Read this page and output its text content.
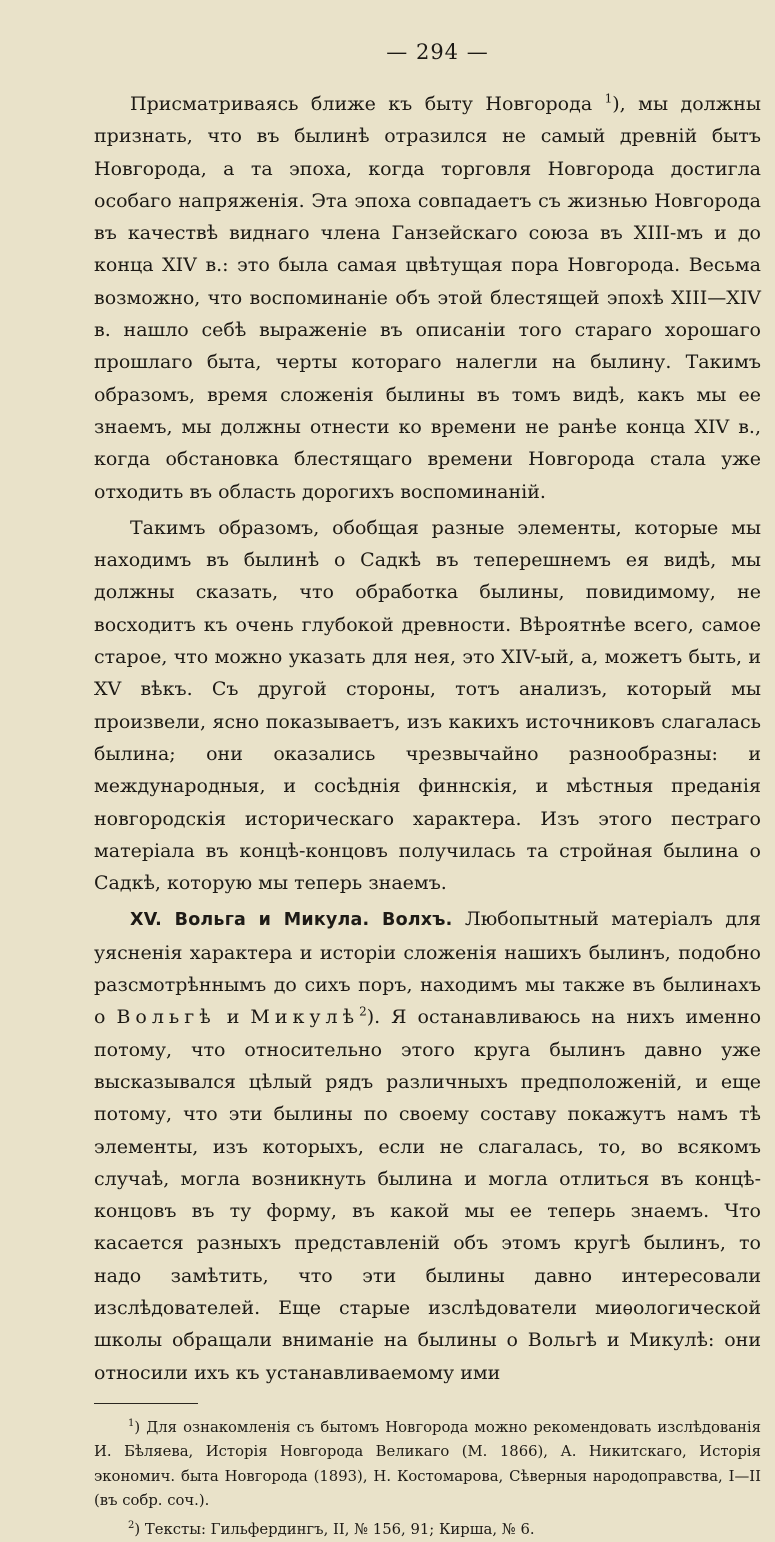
— 294 —

Присматриваясь ближе къ быту Новгорода $^1$), мы должны признать, что въ былинѣ отразился не самый древній бытъ Новгорода, а та эпоха, когда торговля Новгорода достигла особаго напряженія. Эта эпоха совпадаетъ съ жизнью Новгорода въ качествѣ виднаго члена Ганзейскаго союза въ XIII-мъ и до конца XIV в.: это была самая цвѣтущая пора Новгорода. Весьма возможно, что воспоминаніе объ этой блестящей эпохѣ XIII—XIV в. нашло себѣ выраженіе въ описаніи того стараго хорошаго прошлаго быта, черты котораго налегли на былину. Такимъ образомъ, время сложенія былины въ томъ видѣ, какъ мы ее знаемъ, мы должны отнести ко времени не ранѣе конца XIV в., когда обстановка блестящаго времени Новгорода стала уже отходить въ область дорогихъ воспоминаній.

Такимъ образомъ, обобщая разные элементы, которые мы находимъ въ былинѣ о Садкѣ въ теперешнемъ ея видѣ, мы должны сказать, что обработка былины, повидимому, не восходитъ къ очень глубокой древности. Вѣроятнѣе всего, самое старое, что можно указать для нея, это XIV-ый, а, можетъ быть, и XV вѣкъ. Съ другой стороны, тотъ анализъ, который мы произвели, ясно показываетъ, изъ какихъ источниковъ слагалась былина; они оказались чрезвычайно разнообразны: и международныя, и сосѣднія финнскія, и мѣстныя преданія новгородскія историческаго характера. Изъ этого пестраго матеріала въ концѣ-концовъ получилась та стройная былина о Садкѣ, которую мы теперь знаемъ.

XV. Вольга и Микула. Волхъ. Любопытный матеріалъ для уясненія характера и исторіи сложенія нашихъ былинъ, подобно разсмотрѣннымъ до сихъ поръ, находимъ мы также въ былинахъ о Вольгѣ и Микулѣ$^2$). Я останавливаюсь на нихъ именно потому, что относительно этого круга былинъ давно уже высказывался цѣлый рядъ различныхъ предположеній, и еще потому, что эти былины по своему составу покажутъ намъ тѣ элементы, изъ которыхъ, если не слагалась, то, во всякомъ случаѣ, могла возникнуть былина и могла отлиться въ концѣ-концовъ въ ту форму, въ какой мы ее теперь знаемъ. Что касается разныхъ представленій объ этомъ кругѣ былинъ, то надо замѣтить, что эти былины давно интересовали изслѣдователей. Еще старые изслѣдователи миѳологической школы обращали вниманіе на былины о Вольгѣ и Микулѣ: они относили ихъ къ устанавливаемому ими

$^1$) Для ознакомленія съ бытомъ Новгорода можно рекомендовать изслѣдованія И. Бѣляева, Исторія Новгорода Великаго (М. 1866), А. Никитскаго, Исторія экономич. быта Новгорода (1893), Н. Костомарова, Сѣверныя народоправства, I—II (въ собр. соч.).

$^2$) Тексты: Гильфердингъ, II, № 156, 91; Кирша, № 6.
